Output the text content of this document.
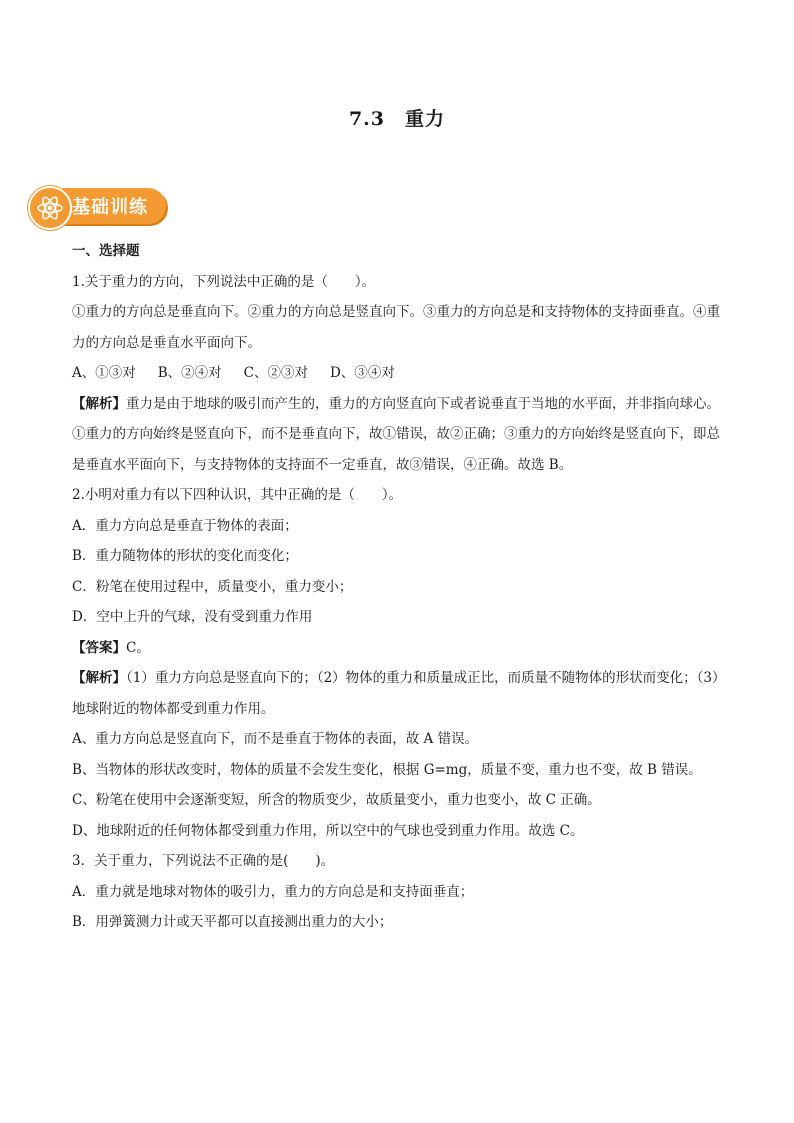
7.3 重力
基础训练

一、选择题

1.关于重力的方向，下列说法中正确的是（　　）。

①重力的方向总是垂直向下。②重力的方向总是竖直向下。③重力的方向总是和支持物体的支持面垂直。④重力的方向总是垂直水平面向下。

A、①③对 B、②④对 C、②③对 D、③④对

【解析】重力是由于地球的吸引而产生的，重力的方向竖直向下或者说垂直于当地的水平面，并非指向球心。

①重力的方向始终是竖直向下，而不是垂直向下，故①错误，故②正确；③重力的方向始终是竖直向下，即总是垂直水平面向下，与支持物体的支持面不一定垂直，故③错误，④正确。故选 B。

2.小明对重力有以下四种认识，其中正确的是（　　）。

A．重力方向总是垂直于物体的表面；

B．重力随物体的形状的变化而变化；

C．粉笔在使用过程中，质量变小，重力变小；

D．空中上升的气球，没有受到重力作用

【答案】C。

【解析】（1）重力方向总是竖直向下的；（2）物体的重力和质量成正比，而质量不随物体的形状而变化；（3）地球附近的物体都受到重力作用。

A、重力方向总是竖直向下，而不是垂直于物体的表面，故 A 错误。

B、当物体的形状改变时，物体的质量不会发生变化，根据 G=mg，质量不变，重力也不变，故 B 错误。

C、粉笔在使用中会逐渐变短，所含的物质变少，故质量变小，重力也变小，故 C 正确。

D、地球附近的任何物体都受到重力作用，所以空中的气球也受到重力作用。故选 C。

3．关于重力，下列说法不正确的是(　　)。

A．重力就是地球对物体的吸引力，重力的方向总是和支持面垂直；

B．用弹簧测力计或天平都可以直接测出重力的大小；
